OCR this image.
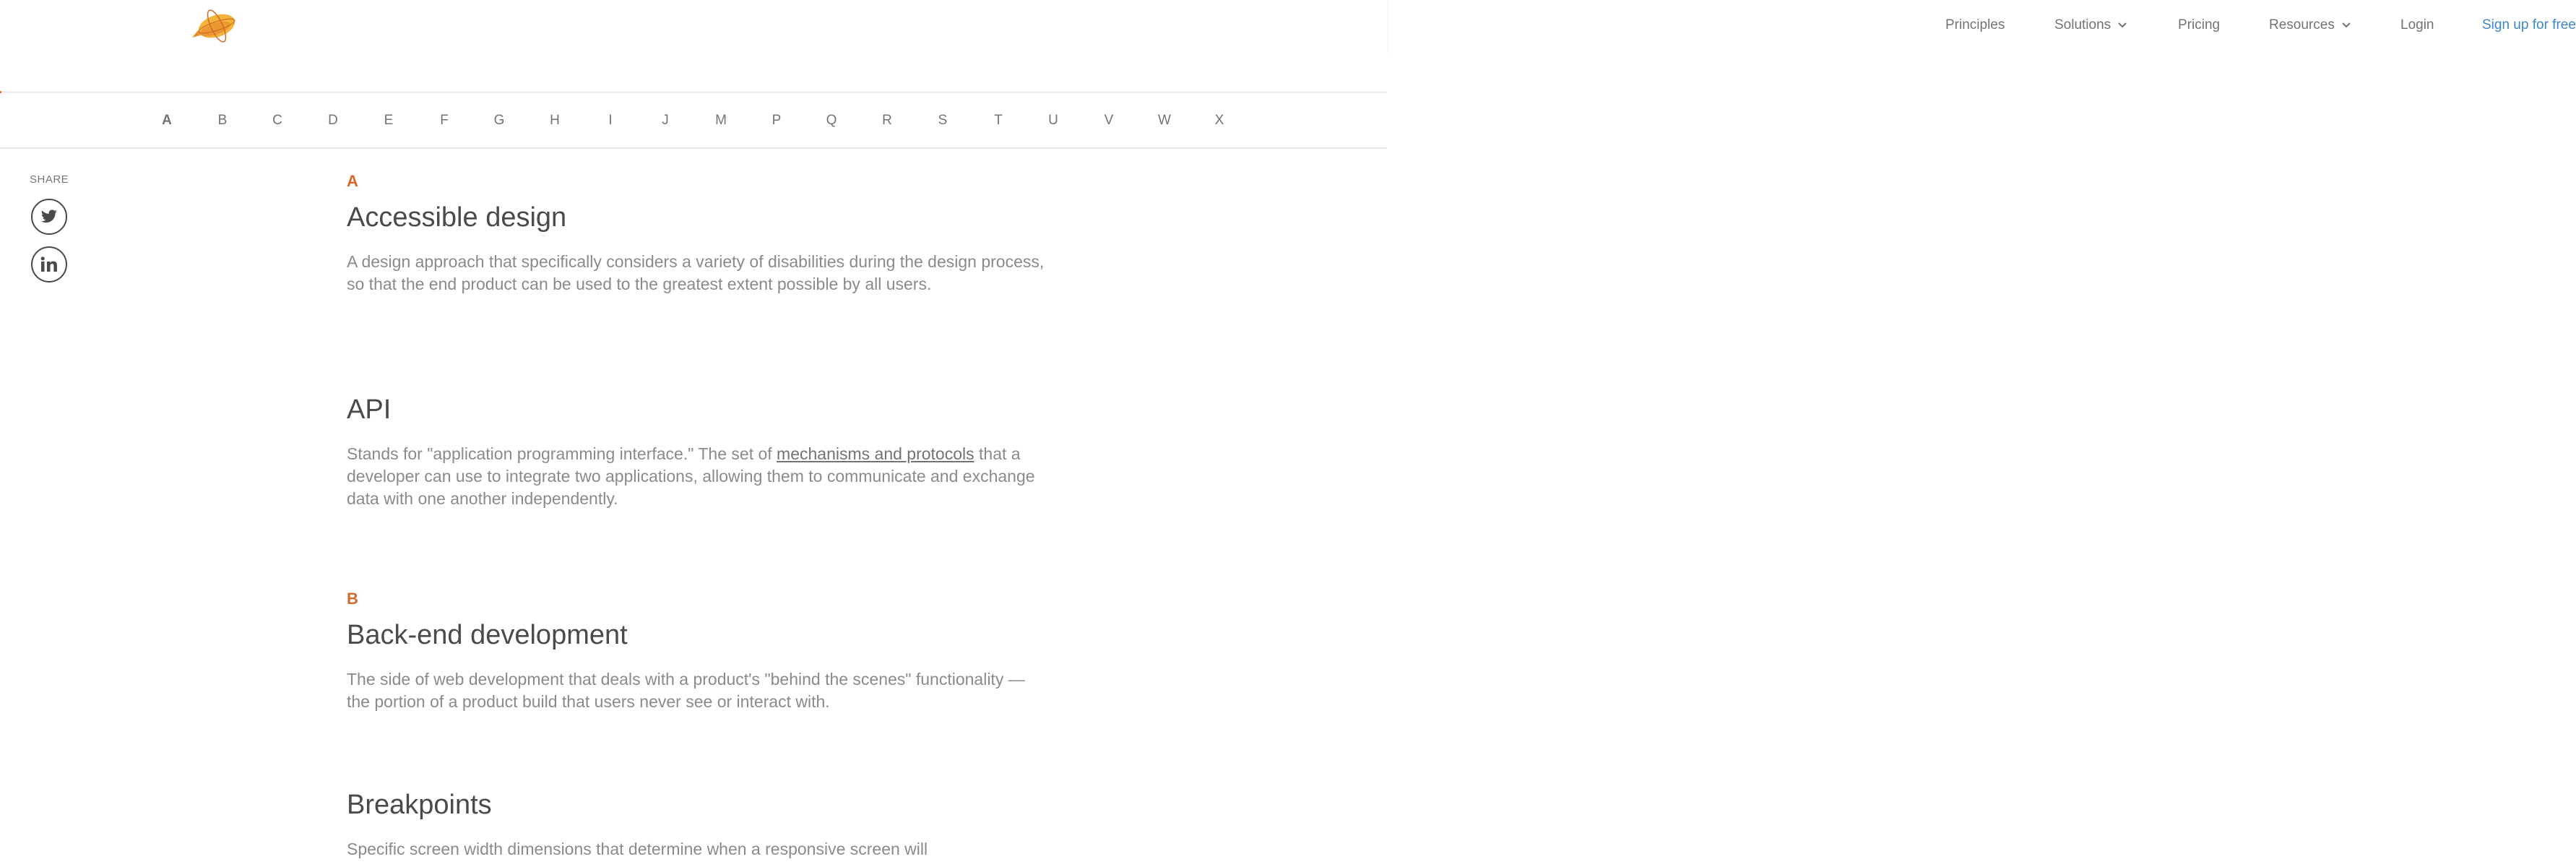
Principles	Solutions	Pricing	Resources	Login	Sign up for free
A	B	C	D	E	F	G	H	I	J	M	P	Q	R	S	T	U	V	W	X
SHARE	A
Accessible design
A design approach that specifically considers a variety of disabilities during the design process, so that the end product can be used to the greatest extent possible by all users.
API
Stands for "application programming interface." The set of mechanisms and protocols that a developer can use to integrate two applications, allowing them to communicate and exchange data with one another independently.
B
Back-end development
The side of web development that deals with a product's "behind the scenes" functionality — the portion of a product build that users never see or interact with.
Breakpoints
Specific screen width dimensions that determine when a responsive screen will
